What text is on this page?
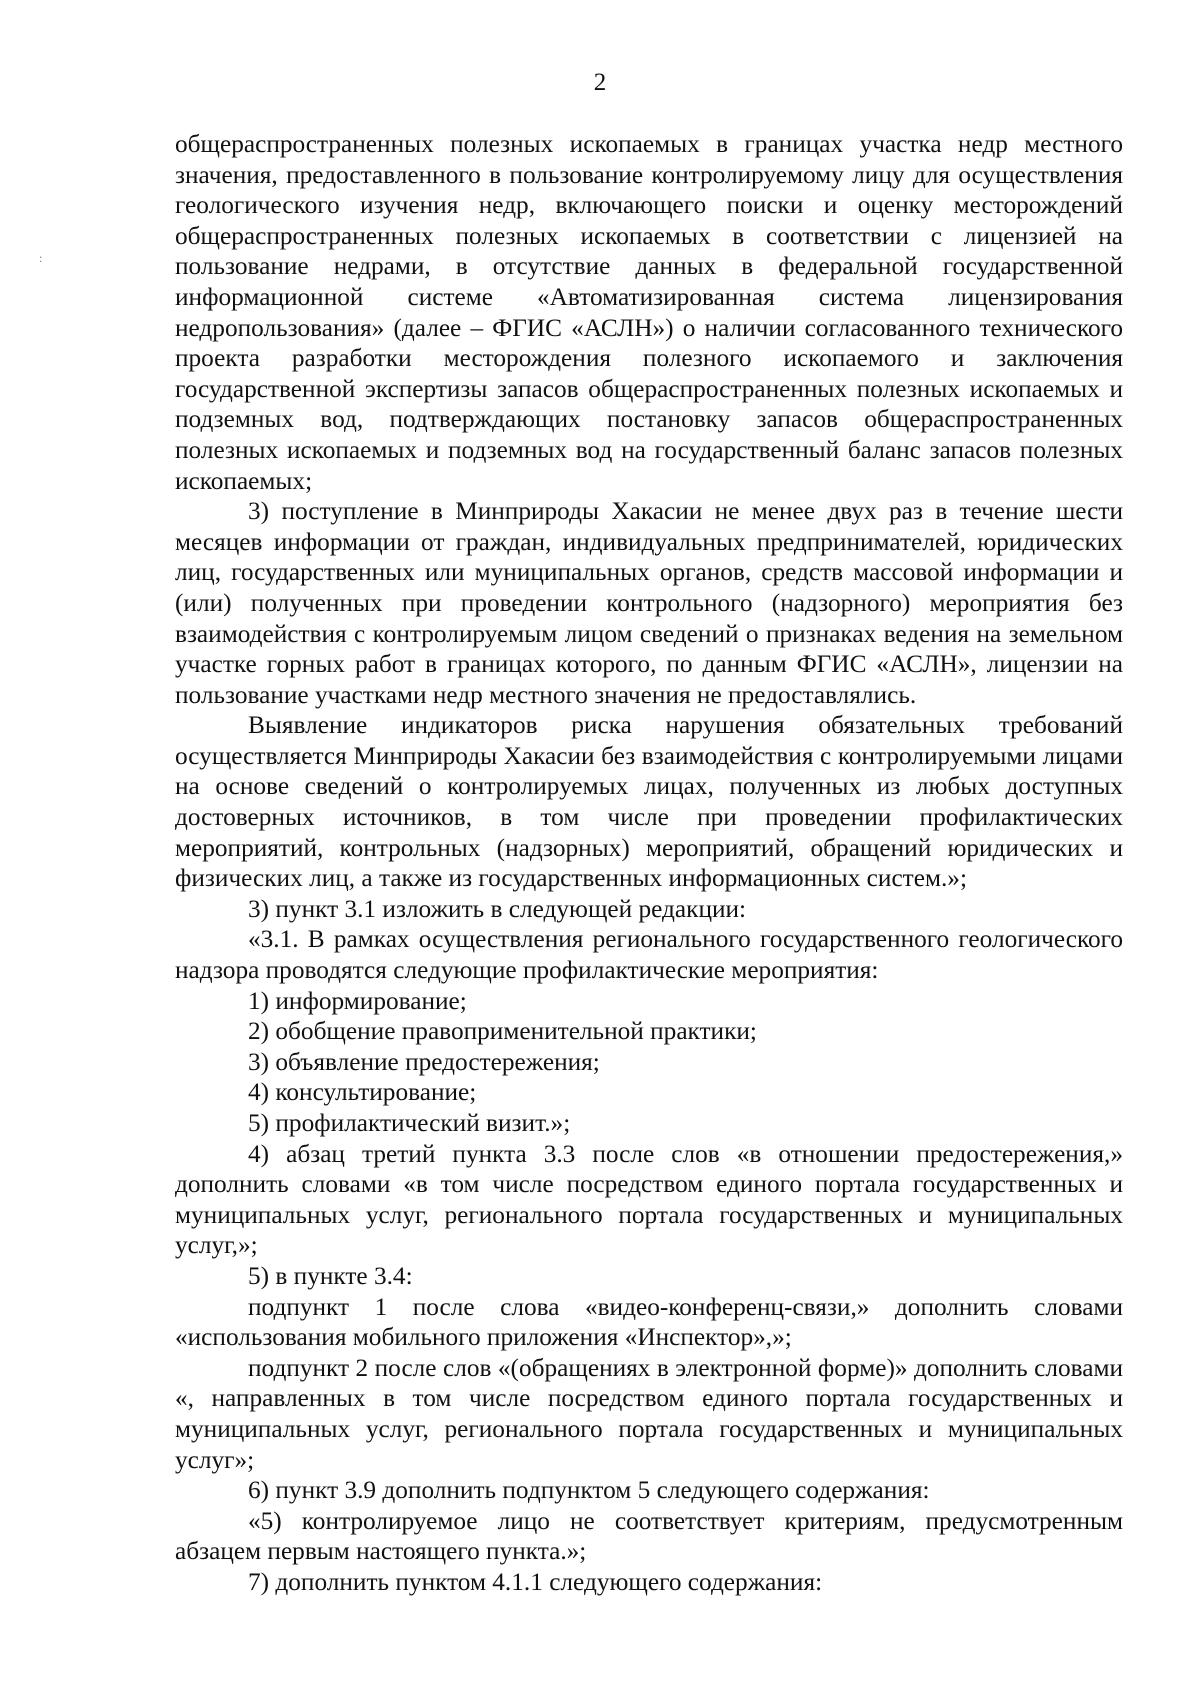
2
:

общераспространенных полезных ископаемых в границах участка недр местного значения, предоставленного в пользование контролируемому лицу для осуществления геологического изучения недр, включающего поиски и оценку месторождений общераспространенных полезных ископаемых в соответствии с лицензией на пользование недрами, в отсутствие данных в федеральной государственной информационной системе «Автоматизированная система лицензирования недропользования» (далее – ФГИС «АСЛН») о наличии согласованного технического проекта разработки месторождения полезного ископаемого и заключения государственной экспертизы запасов общераспространенных полезных ископаемых и подземных вод, подтверждающих постановку запасов общераспространенных полезных ископаемых и подземных вод на государственный баланс запасов полезных ископаемых;

3) поступление в Минприроды Хакасии не менее двух раз в течение шести месяцев информации от граждан, индивидуальных предпринимателей, юридических лиц, государственных или муниципальных органов, средств массовой информации и (или) полученных при проведении контрольного (надзорного) мероприятия без взаимодействия с контролируемым лицом сведений о признаках ведения на земельном участке горных работ в границах которого, по данным ФГИС «АСЛН», лицензии на пользование участками недр местного значения не предоставлялись.

Выявление индикаторов риска нарушения обязательных требований осуществляется Минприроды Хакасии без взаимодействия с контролируемыми лицами на основе сведений о контролируемых лицах, полученных из любых доступных достоверных источников, в том числе при проведении профилактических мероприятий, контрольных (надзорных) мероприятий, обращений юридических и физических лиц, а также из государственных информационных систем.»;

3) пункт 3.1 изложить в следующей редакции:

«3.1. В рамках осуществления регионального государственного геологического надзора проводятся следующие профилактические мероприятия:

1) информирование;

2) обобщение правоприменительной практики;

3) объявление предостережения;

4) консультирование;

5) профилактический визит.»;

4) абзац третий пункта 3.3 после слов «в отношении предостережения,» дополнить словами «в том числе посредством единого портала государственных и муниципальных услуг, регионального портала государственных и муниципальных услуг,»;

5) в пункте 3.4:

подпункт 1 после слова «видео-конференц-связи,» дополнить словами «использования мобильного приложения «Инспектор»,»;

подпункт 2 после слов «(обращениях в электронной форме)» дополнить словами «, направленных в том числе посредством единого портала государственных и муниципальных услуг, регионального портала государственных и муниципальных услуг»;

6) пункт 3.9 дополнить подпунктом 5 следующего содержания:

«5) контролируемое лицо не соответствует критериям, предусмотренным абзацем первым настоящего пункта.»;

7) дополнить пунктом 4.1.1 следующего содержания:
